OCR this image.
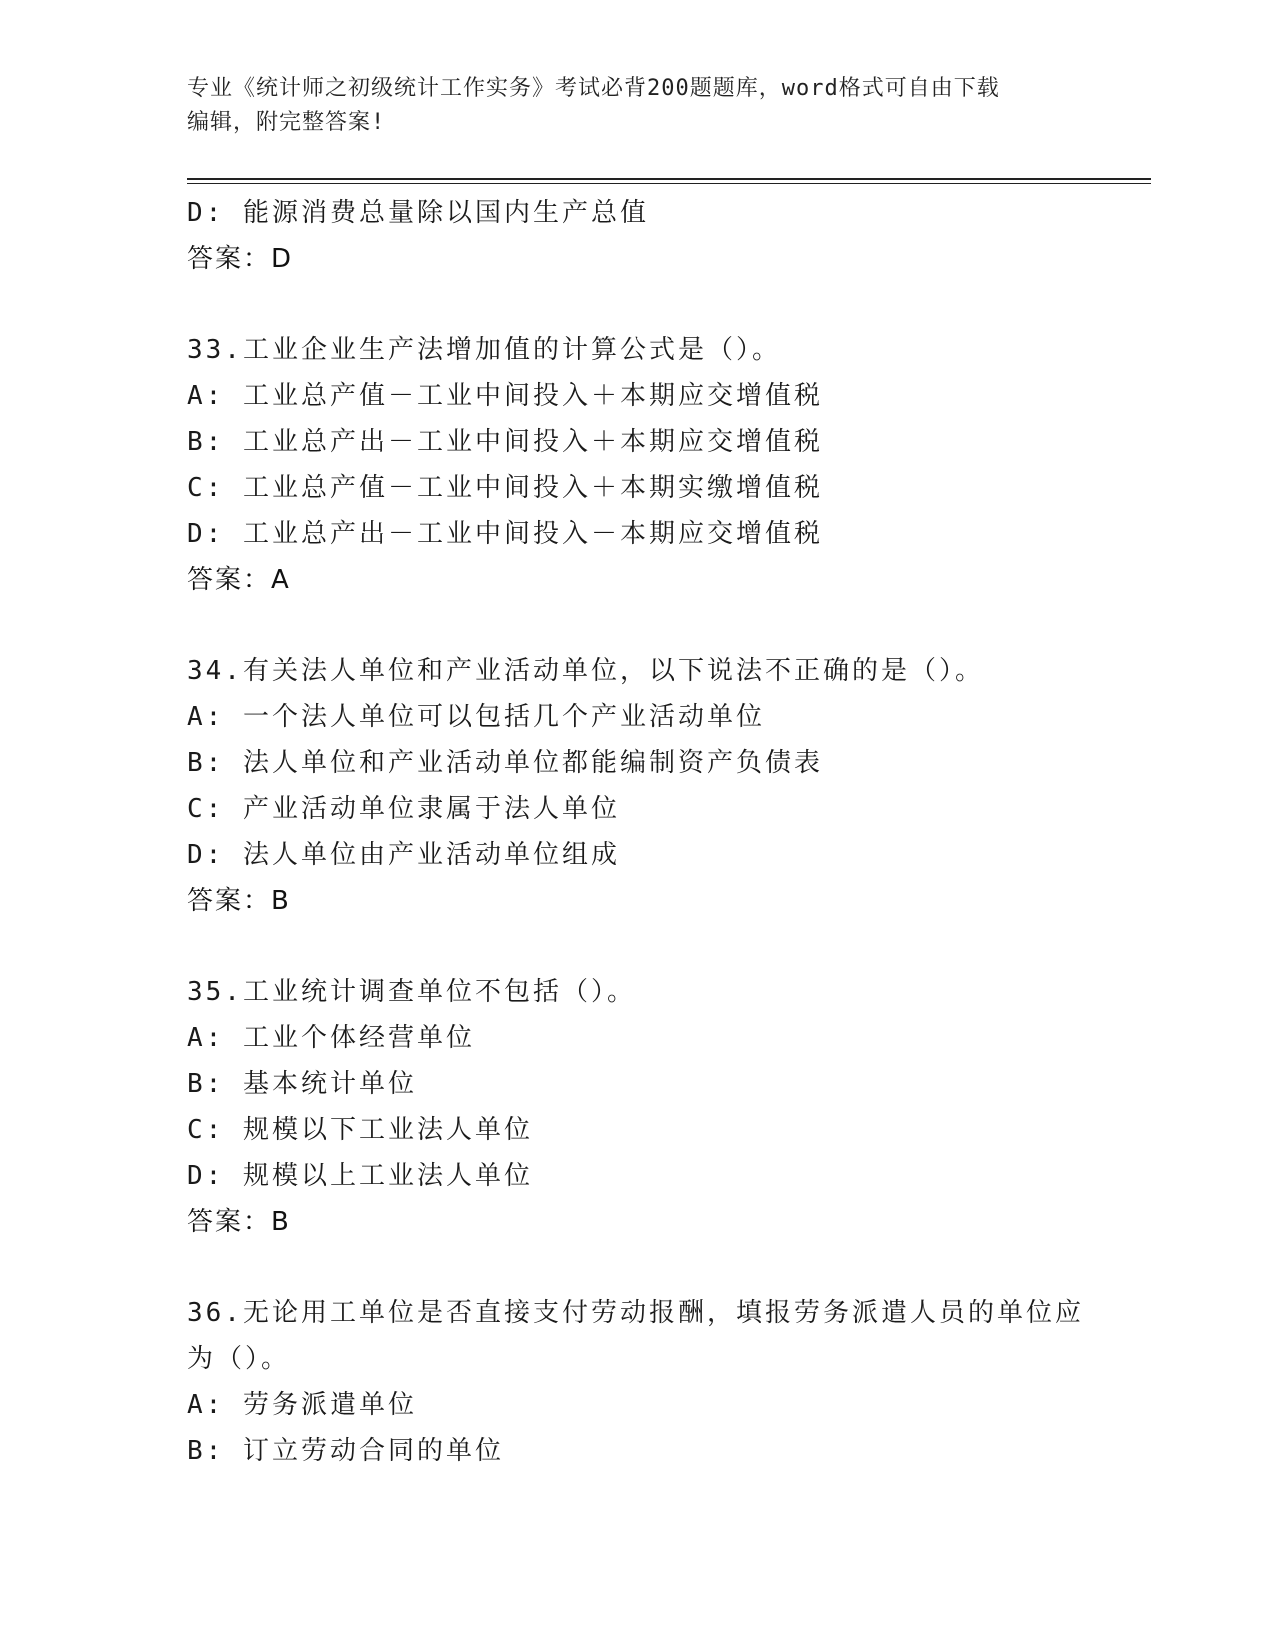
专业《统计师之初级统计工作实务》考试必背200题题库，word格式可自由下载
编辑，附完整答案!
D: 能源消费总量除以国内生产总值
答案：D
33.工业企业生产法增加值的计算公式是（）。
A: 工业总产值－工业中间投入＋本期应交增值税
B: 工业总产出－工业中间投入＋本期应交增值税
C: 工业总产值－工业中间投入＋本期实缴增值税
D: 工业总产出－工业中间投入－本期应交增值税
答案：A
34.有关法人单位和产业活动单位，以下说法不正确的是（）。
A: 一个法人单位可以包括几个产业活动单位
B: 法人单位和产业活动单位都能编制资产负债表
C: 产业活动单位隶属于法人单位
D: 法人单位由产业活动单位组成
答案：B
35.工业统计调查单位不包括（）。
A: 工业个体经营单位
B: 基本统计单位
C: 规模以下工业法人单位
D: 规模以上工业法人单位
答案：B
36.无论用工单位是否直接支付劳动报酬，填报劳务派遣人员的单位应
为（）。
A: 劳务派遣单位
B: 订立劳动合同的单位
